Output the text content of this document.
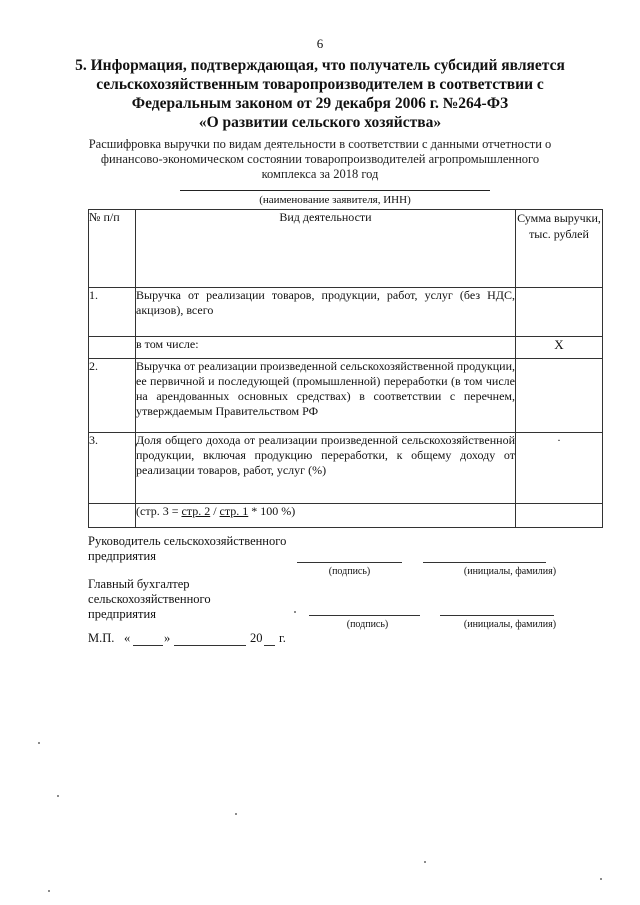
6
5. Информация, подтверждающая, что получатель субсидий является
сельскохозяйственным товаропроизводителем в соответствии с
Федеральным законом от 29 декабря 2006 г. №264-ФЗ
«О развитии сельского хозяйства»
Расшифровка выручки по видам деятельности в соответствии с данными отчетности о
финансово-экономическом состоянии товаропроизводителей агропромышленного
комплекса за 2018 год
(наименование заявителя, ИНН)
№ п/п	Вид деятельности	Сумма выручки, тыс. рублей
1.	Выручка от реализации товаров, продукции, работ, услуг (без НДС, акцизов), всего	
	в том числе:	X
2.	Выручка от реализации произведенной сельскохозяйственной продукции, ее первичной и последующей (промышленной) переработки (в том числе на арендованных основных средствах) в соответствии с перечнем, утверждаемым Правительством РФ	
3.	Доля общего дохода от реализации произведенной сельскохозяйственной продукции, включая продукцию переработки, к общему доходу от реализации товаров, работ, услуг (%)	·
	(стр. 3 = стр. 2 / стр. 1 * 100 %)	
Руководитель сельскохозяйственного
предприятия
(подпись)	(инициалы, фамилия)
Главный бухгалтер
сельскохозяйственного
предприятия
(подпись)	(инициалы, фамилия)
М.П. «	»	20 г.
